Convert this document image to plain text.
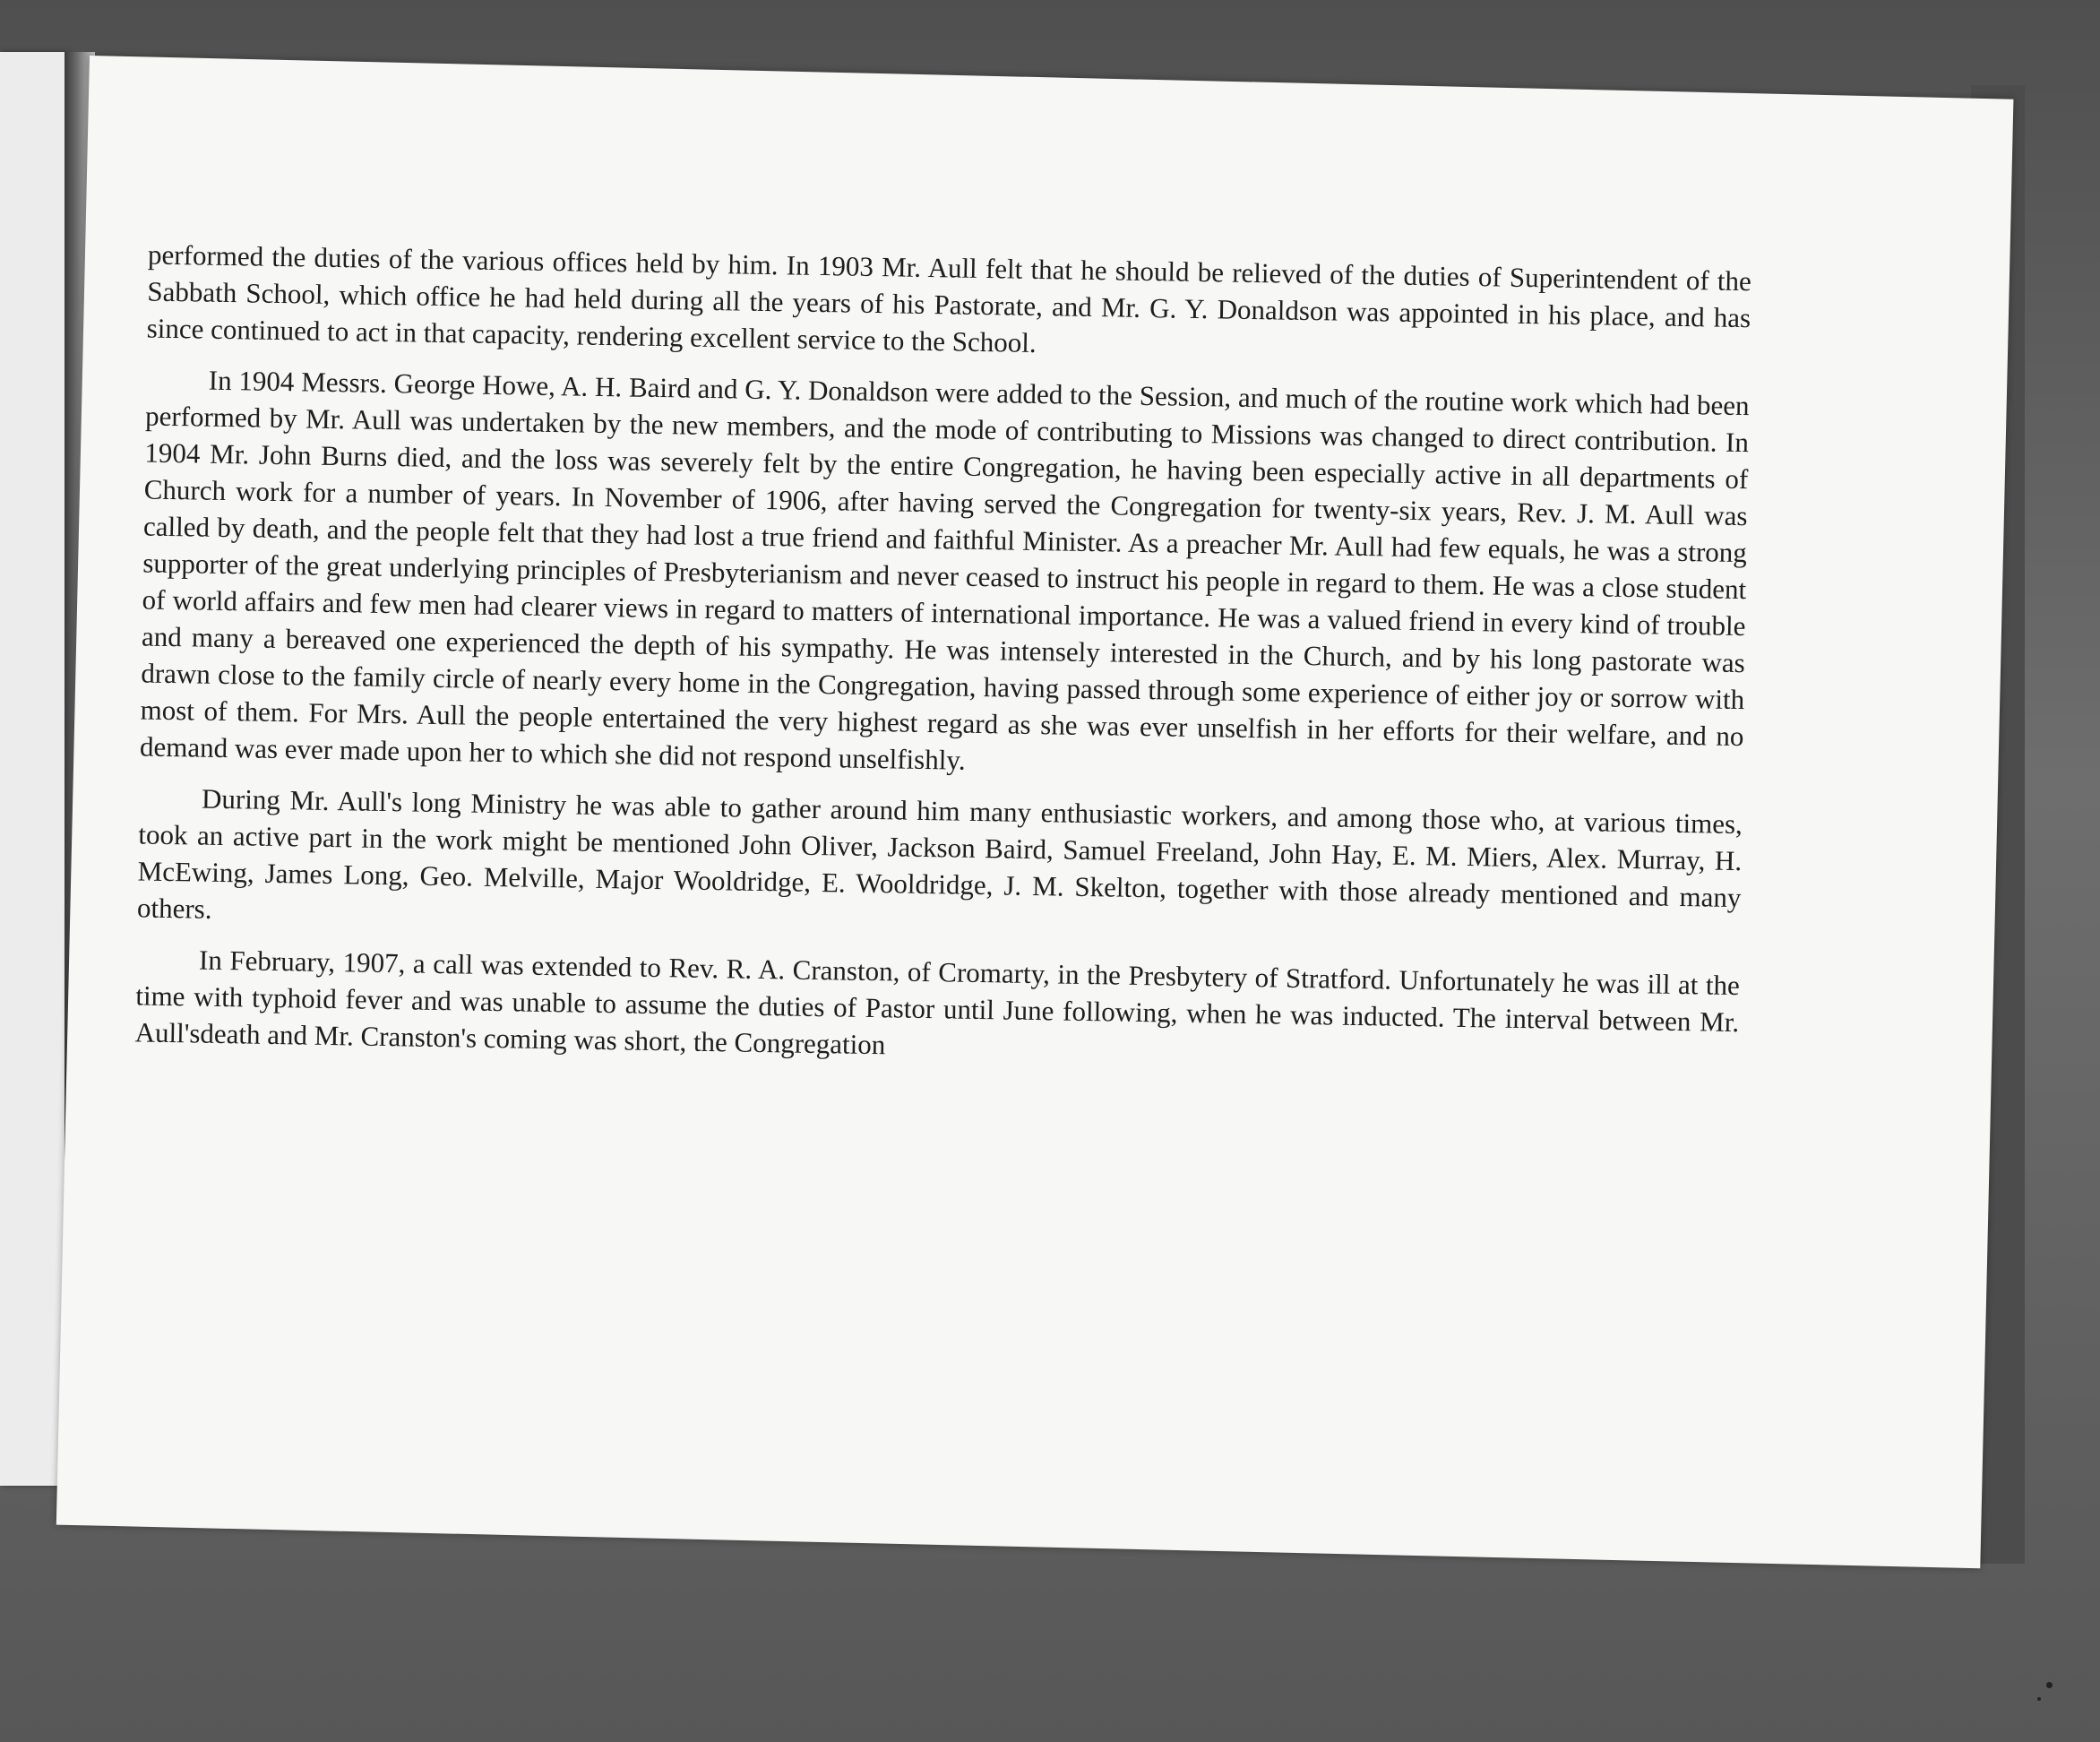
performed the duties of the various offices held by him. In 1903 Mr. Aull felt that he should be relieved of the duties of Superintendent of the Sabbath School, which office he had held during all the years of his Pastorate, and Mr. G. Y. Donaldson was appointed in his place, and has since continued to act in that capacity, rendering excellent service to the School.

In 1904 Messrs. George Howe, A. H. Baird and G. Y. Donaldson were added to the Session, and much of the routine work which had been performed by Mr. Aull was undertaken by the new members, and the mode of contributing to Missions was changed to direct contribution. In 1904 Mr. John Burns died, and the loss was severely felt by the entire Congregation, he having been especially active in all departments of Church work for a number of years. In November of 1906, after having served the Congregation for twenty-six years, Rev. J. M. Aull was called by death, and the people felt that they had lost a true friend and faithful Minister. As a preacher Mr. Aull had few equals, he was a strong supporter of the great underlying principles of Presbyterianism and never ceased to instruct his people in regard to them. He was a close student of world affairs and few men had clearer views in regard to matters of international importance. He was a valued friend in every kind of trouble and many a bereaved one experienced the depth of his sympathy. He was intensely interested in the Church, and by his long pastorate was drawn close to the family circle of nearly every home in the Congregation, having passed through some experience of either joy or sorrow with most of them. For Mrs. Aull the people entertained the very highest regard as she was ever unselfish in her efforts for their welfare, and no demand was ever made upon her to which she did not respond unselfishly.

During Mr. Aull's long Ministry he was able to gather around him many enthusiastic workers, and among those who, at various times, took an active part in the work might be mentioned John Oliver, Jackson Baird, Samuel Freeland, John Hay, E. M. Miers, Alex. Murray, H. McEwing, James Long, Geo. Melville, Major Wooldridge, E. Wooldridge, J. M. Skelton, together with those already mentioned and many others.

In February, 1907, a call was extended to Rev. R. A. Cranston, of Cromarty, in the Presbytery of Stratford. Unfortunately he was ill at the time with typhoid fever and was unable to assume the duties of Pastor until June following, when he was inducted. The interval between Mr. Aull'sdeath and Mr. Cranston's coming was short, the Congregation
